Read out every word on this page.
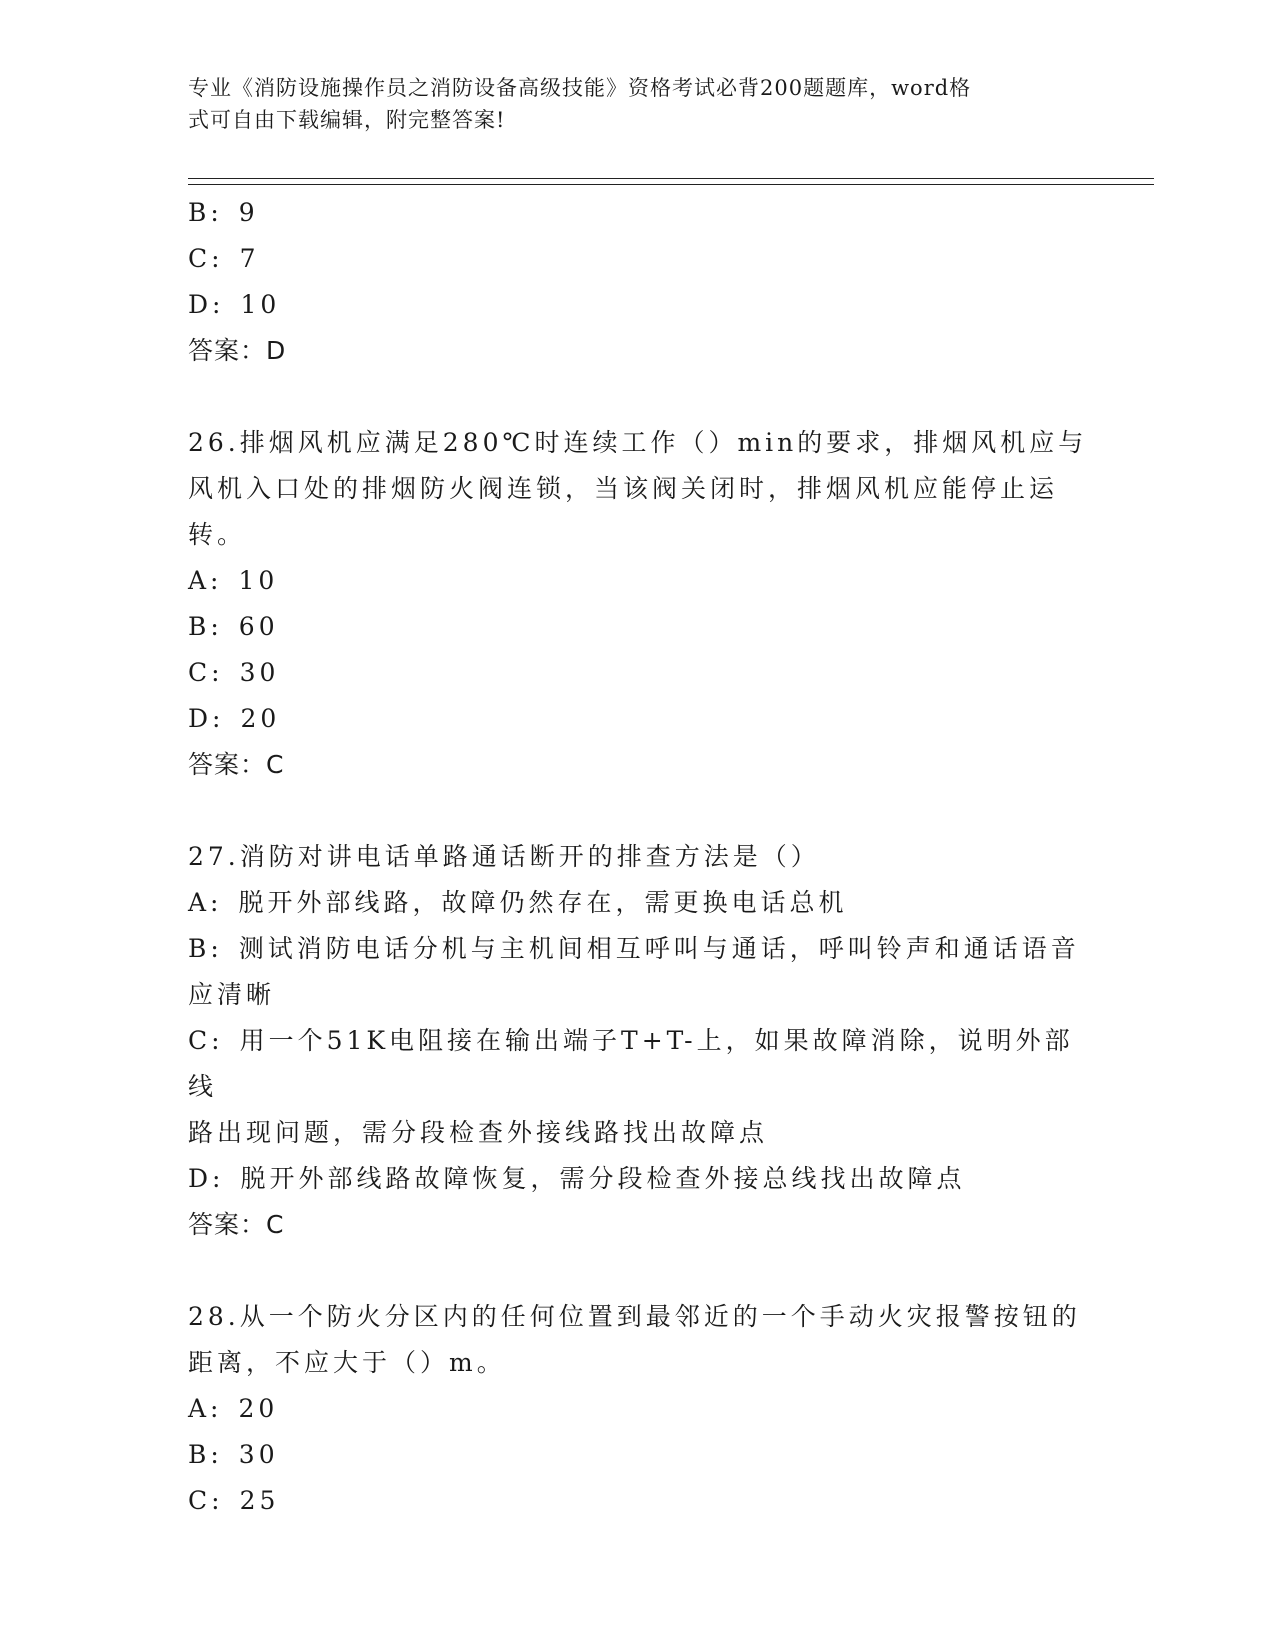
专业《消防设施操作员之消防设备高级技能》资格考试必背200题题库，word格
式可自由下载编辑，附完整答案!

B: 9

C: 7

D: 10

答案：D

26.排烟风机应满足280℃时连续工作（）min的要求，排烟风机应与

风机入口处的排烟防火阀连锁，当该阀关闭时，排烟风机应能停止运

转。

A: 10

B: 60

C: 30

D: 20

答案：C

27.消防对讲电话单路通话断开的排查方法是（）

A: 脱开外部线路，故障仍然存在，需更换电话总机

B: 测试消防电话分机与主机间相互呼叫与通话，呼叫铃声和通话语音

应清晰

C: 用一个51K电阻接在输出端子T+T-上，如果故障消除，说明外部线

路出现问题，需分段检查外接线路找出故障点

D: 脱开外部线路故障恢复，需分段检查外接总线找出故障点

答案：C

28.从一个防火分区内的任何位置到最邻近的一个手动火灾报警按钮的

距离，不应大于（）m。

A: 20

B: 30

C: 25
